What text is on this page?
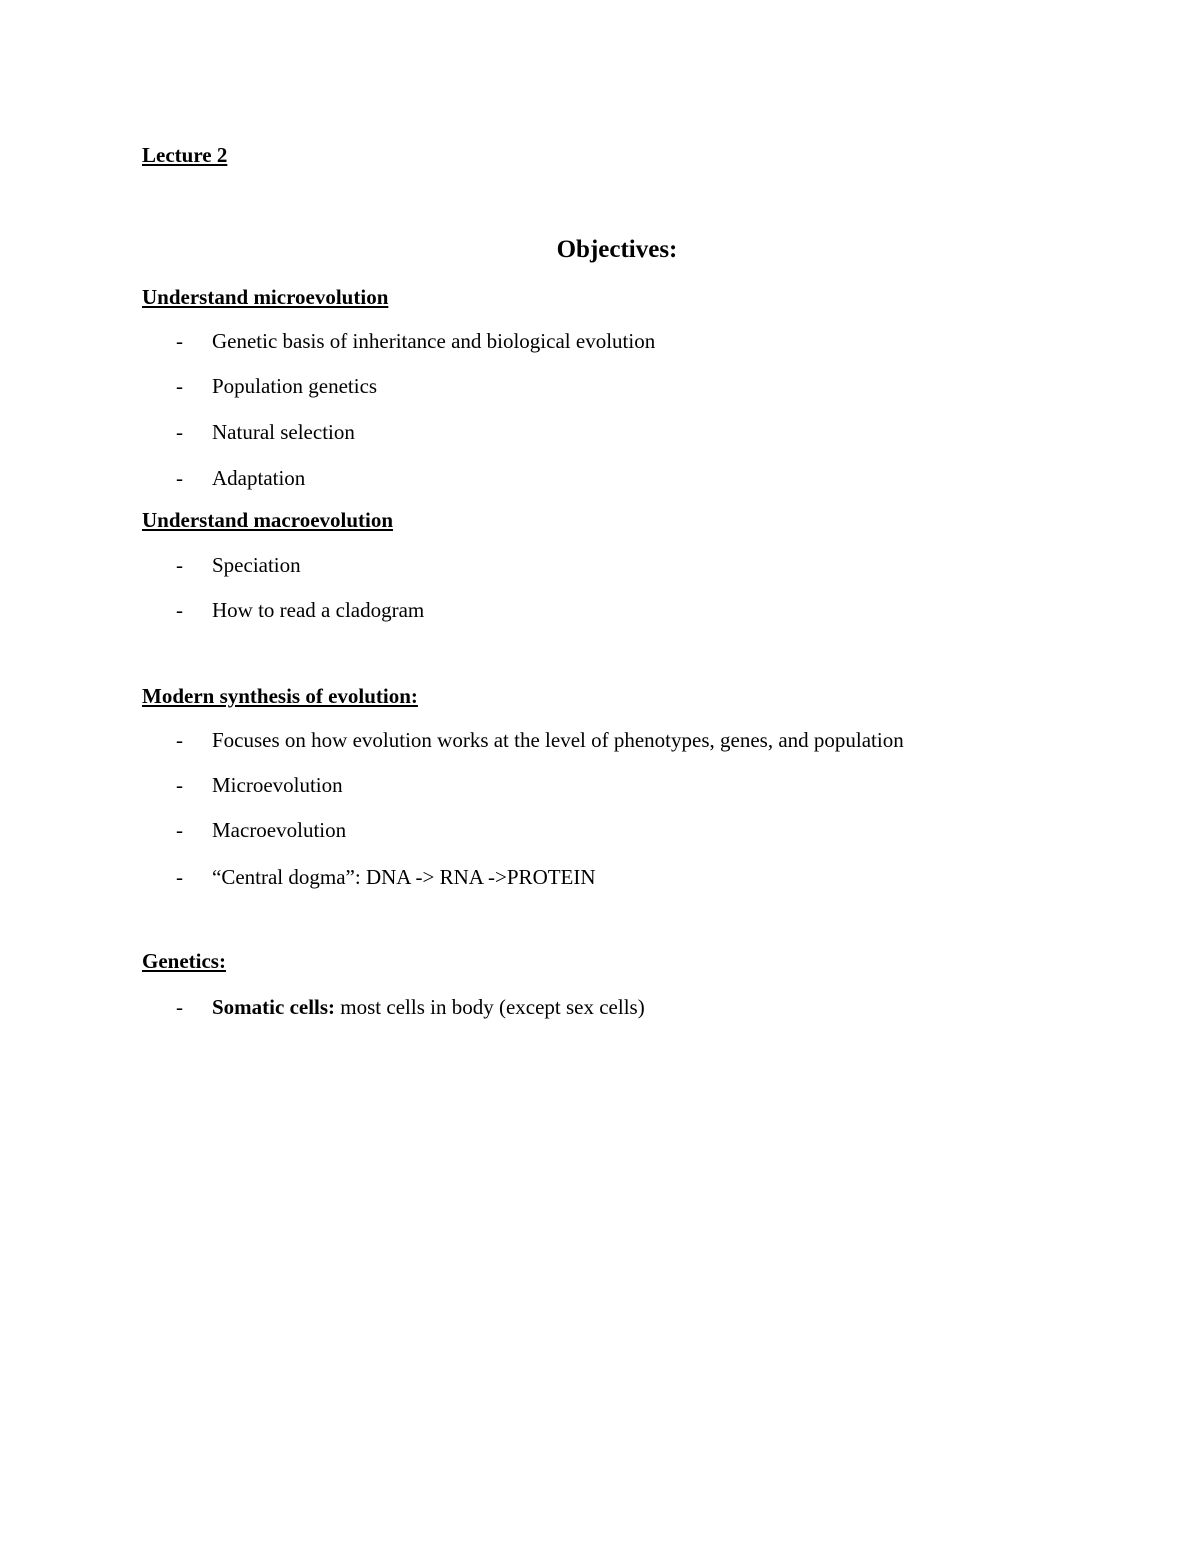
Lecture 2
Objectives:
Understand microevolution
- Genetic basis of inheritance and biological evolution
- Population genetics
- Natural selection
- Adaptation
Understand macroevolution
- Speciation
- How to read a cladogram
Modern synthesis of evolution:
- Focuses on how evolution works at the level of phenotypes, genes, and population
- Microevolution
- Macroevolution
- “Central dogma”: DNA -> RNA ->PROTEIN
Genetics:
- Somatic cells: most cells in body (except sex cells)
